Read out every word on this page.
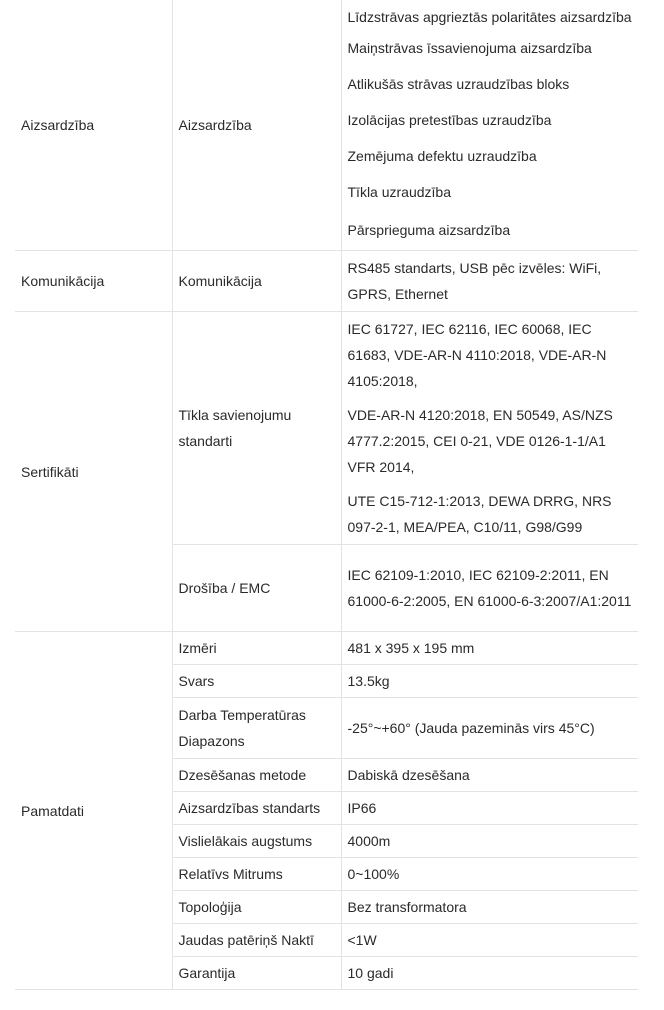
Aizsardzība	Aizsardzība	Līdzstrāvas apgrieztās polaritātes aizsardzība
		Maiņstrāvas īssavienojuma aizsardzība
		Atlikušās strāvas uzraudzības bloks
		Izolācijas pretestības uzraudzība
		Zemējuma defektu uzraudzība
		Tīkla uzraudzība
		Pārsprieguma aizsardzība
Komunikācija	Komunikācija	RS485 standarts, USB pēc izvēles: WiFi, GPRS, Ethernet
Sertifikāti	Tīkla savienojumu standarti	IEC 61727, IEC 62116, IEC 60068, IEC 61683, VDE-AR-N 4110:2018, VDE-AR-N 4105:2018,
VDE-AR-N 4120:2018, EN 50549, AS/NZS 4777.2:2015, CEI 0-21, VDE 0126-1-1/A1 VFR 2014,
UTE C15-712-1:2013, DEWA DRRG, NRS 097-2-1, MEA/PEA, C10/11, G98/G99

	Drošība / EMC	IEC 62109-1:2010, IEC 62109-2:2011, EN 61000-6-2:2005, EN 61000-6-3:2007/A1:2011
Pamatdati	Izmēri	481 x 395 x 195 mm
	Svars	13.5kg
	Darba Temperatūras Diapazons	-25°~+60° (Jauda pazeminās virs 45°C)
	Dzesēšanas metode	Dabiskā dzesēšana
	Aizsardzības standarts	IP66
	Vislielākais augstums	4000m
	Relatīvs Mitrums	0~100%
	Topoloģija	Bez transformatora
	Jaudas patēriņš Naktī	<1W
	Garantija	10 gadi
